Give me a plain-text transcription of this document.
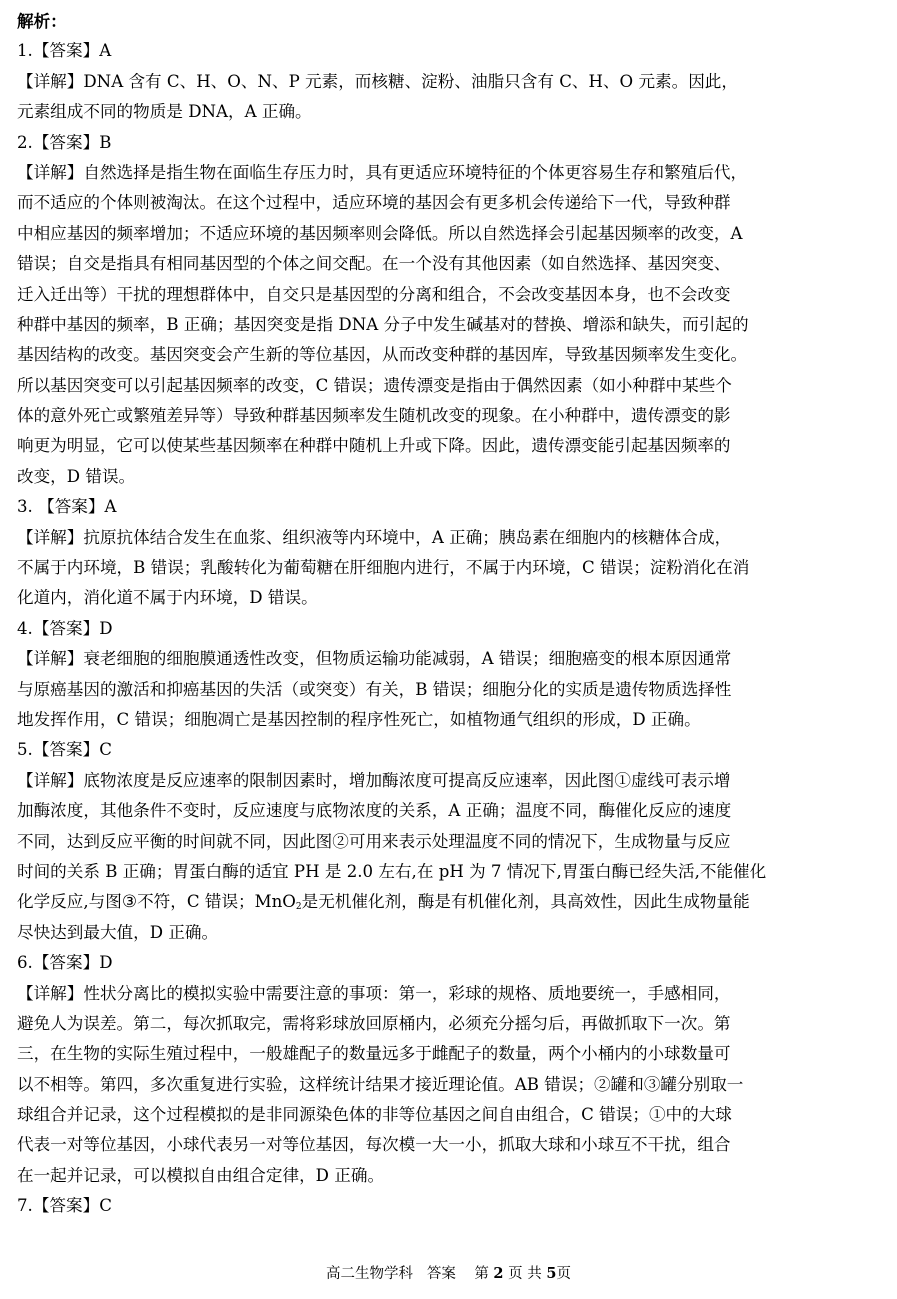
解析：
1.【答案】A
【详解】DNA 含有 C、H、O、N、P 元素，而核糖、淀粉、油脂只含有 C、H、O 元素。因此，
元素组成不同的物质是 DNA，A 正确。
2.【答案】B
【详解】自然选择是指生物在面临生存压力时，具有更适应环境特征的个体更容易生存和繁殖后代，
而不适应的个体则被淘汰。在这个过程中，适应环境的基因会有更多机会传递给下一代，导致种群
中相应基因的频率增加；不适应环境的基因频率则会降低。所以自然选择会引起基因频率的改变，A
错误；自交是指具有相同基因型的个体之间交配。在一个没有其他因素（如自然选择、基因突变、
迁入迁出等）干扰的理想群体中，自交只是基因型的分离和组合，不会改变基因本身，也不会改变
种群中基因的频率，B 正确；基因突变是指 DNA 分子中发生碱基对的替换、增添和缺失，而引起的
基因结构的改变。基因突变会产生新的等位基因，从而改变种群的基因库，导致基因频率发生变化。
所以基因突变可以引起基因频率的改变，C 错误；遗传漂变是指由于偶然因素（如小种群中某些个
体的意外死亡或繁殖差异等）导致种群基因频率发生随机改变的现象。在小种群中，遗传漂变的影
响更为明显，它可以使某些基因频率在种群中随机上升或下降。因此，遗传漂变能引起基因频率的
改变，D 错误。
3. 【答案】A
【详解】抗原抗体结合发生在血浆、组织液等内环境中，A 正确；胰岛素在细胞内的核糖体合成，
不属于内环境，B 错误；乳酸转化为葡萄糖在肝细胞内进行，不属于内环境，C 错误；淀粉消化在消
化道内，消化道不属于内环境，D 错误。
4.【答案】D
【详解】衰老细胞的细胞膜通透性改变，但物质运输功能减弱，A 错误；细胞癌变的根本原因通常
与原癌基因的激活和抑癌基因的失活（或突变）有关，B 错误；细胞分化的实质是遗传物质选择性
地发挥作用，C 错误；细胞凋亡是基因控制的程序性死亡，如植物通气组织的形成，D 正确。
5.【答案】C
【详解】底物浓度是反应速率的限制因素时，增加酶浓度可提高反应速率，因此图①虚线可表示增
加酶浓度，其他条件不变时，反应速度与底物浓度的关系，A 正确；温度不同，酶催化反应的速度
不同，达到反应平衡的时间就不同，因此图②可用来表示处理温度不同的情况下，生成物量与反应
时间的关系 B 正确；胃蛋白酶的适宜 PH 是 2.0 左右,在 pH 为 7 情况下,胃蛋白酶已经失活,不能催化
化学反应,与图③不符，C 错误；MnO$_2$是无机催化剂，酶是有机催化剂，具高效性，因此生成物量能
尽快达到最大值，D 正确。
6.【答案】D
【详解】性状分离比的模拟实验中需要注意的事项：第一，彩球的规格、质地要统一，手感相同，
避免人为误差。第二，每次抓取完，需将彩球放回原桶内，必须充分摇匀后，再做抓取下一次。第
三，在生物的实际生殖过程中，一般雄配子的数量远多于雌配子的数量，两个小桶内的小球数量可
以不相等。第四，多次重复进行实验，这样统计结果才接近理论值。AB 错误；②罐和③罐分别取一
球组合并记录，这个过程模拟的是非同源染色体的非等位基因之间自由组合，C 错误；①中的大球
代表一对等位基因，小球代表另一对等位基因，每次模一大一小，抓取大球和小球互不干扰，组合
在一起并记录，可以模拟自由组合定律，D 正确。
7.【答案】C
高二生物学科 答案 第 2 页 共 5页
